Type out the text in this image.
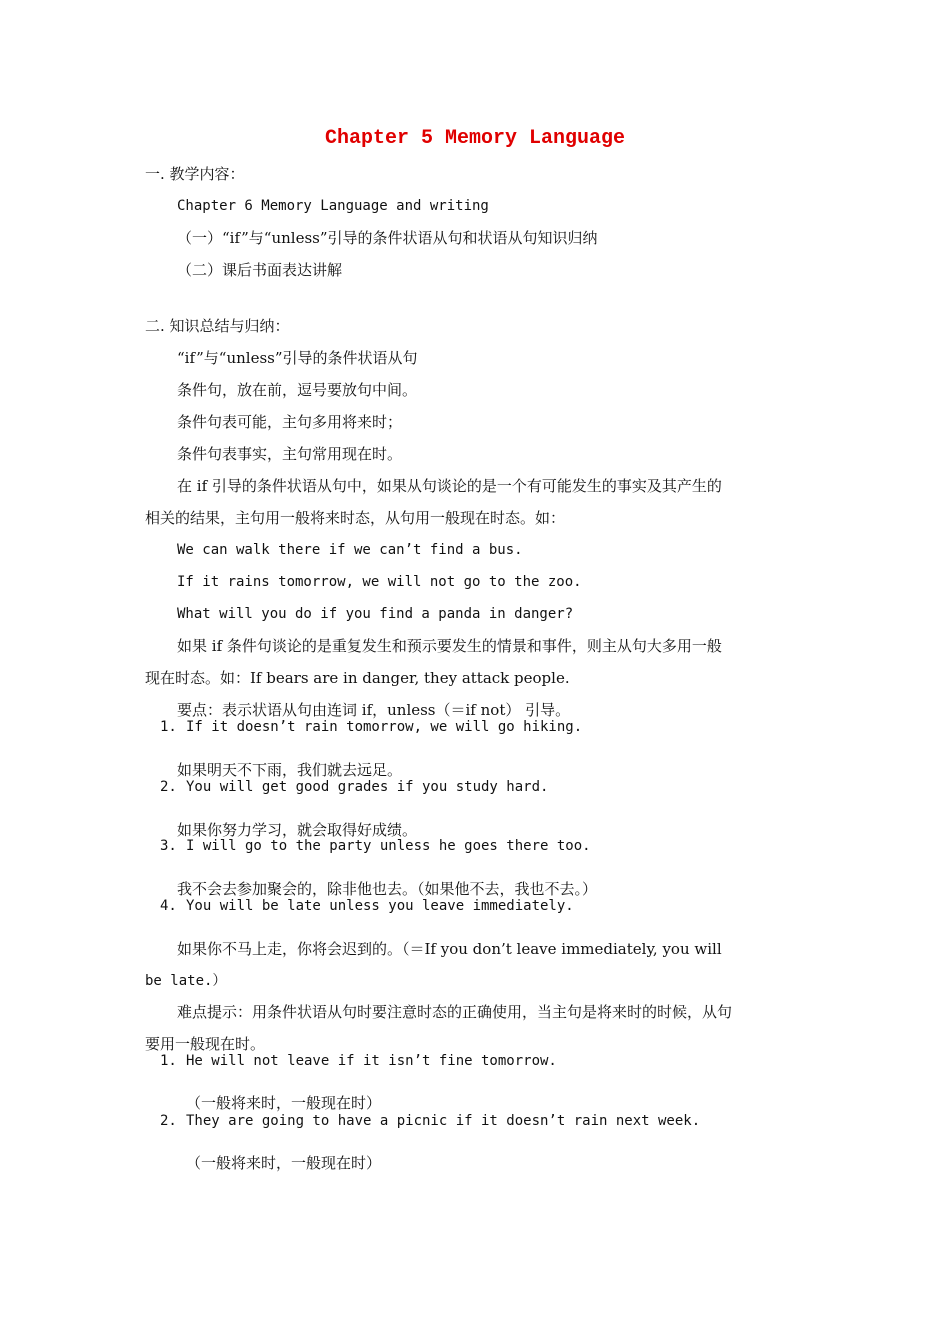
Chapter 5 Memory Language
一. 教学内容：
Chapter 6 Memory Language and writing
（一）“if”与“unless”引导的条件状语从句和状语从句知识归纳
（二）课后书面表达讲解
二. 知识总结与归纳：
“if”与“unless”引导的条件状语从句
条件句，放在前，逗号要放句中间。
条件句表可能，主句多用将来时；
条件句表事实，主句常用现在时。
在 if 引导的条件状语从句中，如果从句谈论的是一个有可能发生的事实及其产生的
相关的结果，主句用一般将来时态，从句用一般现在时态。如：
We can walk there if we can’t find a bus.
If it rains tomorrow, we will not go to the zoo.
What will you do if you find a panda in danger?
如果 if 条件句谈论的是重复发生和预示要发生的情景和事件，则主从句大多用一般
现在时态。如：If bears are in danger, they attack people.
要点：表示状语从句由连词 if，unless（＝if not） 引导。
1. If it doesn’t rain tomorrow, we will go hiking.
如果明天不下雨，我们就去远足。
2. You will get good grades if you study hard.
如果你努力学习，就会取得好成绩。
3. I will go to the party unless he goes there too.
我不会去参加聚会的，除非他也去。（如果他不去，我也不去。）
4. You will be late unless you leave immediately.
如果你不马上走，你将会迟到的。（＝If you don’t leave immediately, you will
be late.）
难点提示：用条件状语从句时要注意时态的正确使用，当主句是将来时的时候，从句
要用一般现在时。
1. He will not leave if it isn’t fine tomorrow.
（一般将来时，一般现在时）
2. They are going to have a picnic if it doesn’t rain next week.
（一般将来时，一般现在时）
